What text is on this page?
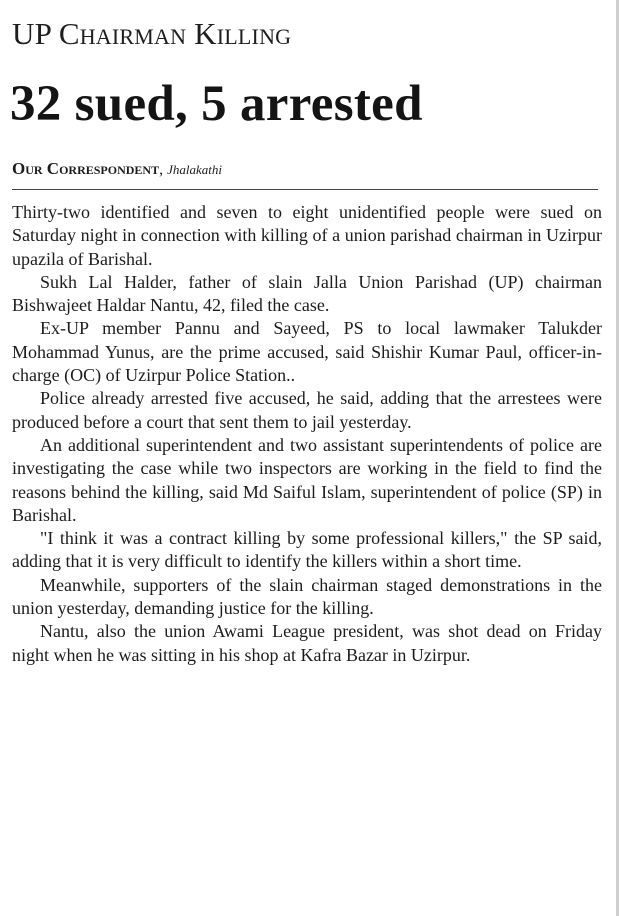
UP Chairman Killing
32 sued, 5 arrested
Our Correspondent, Jhalakathi

Thirty-two identified and seven to eight unidentified people were sued on Saturday night in connection with killing of a union parishad chairman in Uzirpur upazila of Barishal.

Sukh Lal Halder, father of slain Jalla Union Parishad (UP) chairman Bishwajeet Haldar Nantu, 42, filed the case.

Ex-UP member Pannu and Sayeed, PS to local lawmaker Talukder Mohammad Yunus, are the prime accused, said Shishir Kumar Paul, officer-in-charge (OC) of Uzirpur Police Station..

Police already arrested five accused, he said, adding that the arrestees were produced before a court that sent them to jail yesterday.

An additional superintendent and two assistant superintendents of police are investigating the case while two inspectors are working in the field to find the reasons behind the killing, said Md Saiful Islam, superintendent of police (SP) in Barishal.

"I think it was a contract killing by some professional killers," the SP said, adding that it is very difficult to identify the killers within a short time.

Meanwhile, supporters of the slain chairman staged demonstrations in the union yesterday, demanding justice for the killing.

Nantu, also the union Awami League president, was shot dead on Friday night when he was sitting in his shop at Kafra Bazar in Uzirpur.
